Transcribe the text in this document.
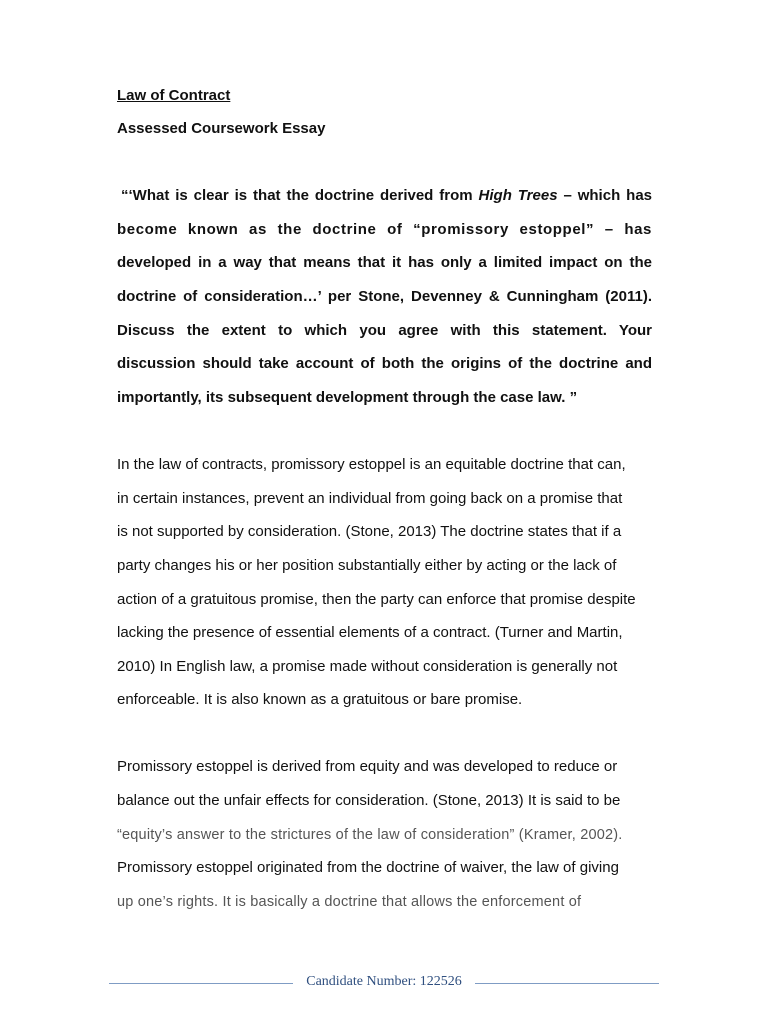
Law of Contract
Assessed Coursework Essay
“‘What is clear is that the doctrine derived from High Trees – which has
become known as the doctrine of “promissory estoppel” – has
developed in a way that means that it has only a limited impact on the
doctrine of consideration…’ per Stone, Devenney & Cunningham (2011).
Discuss the extent to which you agree with this statement. Your
discussion should take account of both the origins of the doctrine and
importantly, its subsequent development through the case law. ”
In the law of contracts, promissory estoppel is an equitable doctrine that can,
in certain instances, prevent an individual from going back on a promise that
is not supported by consideration. (Stone, 2013) The doctrine states that if a
party changes his or her position substantially either by acting or the lack of
action of a gratuitous promise, then the party can enforce that promise despite
lacking the presence of essential elements of a contract. (Turner and Martin,
2010) In English law, a promise made without consideration is generally not
enforceable. It is also known as a gratuitous or bare promise.
Promissory estoppel is derived from equity and was developed to reduce or
balance out the unfair effects for consideration. (Stone, 2013) It is said to be
“equity’s answer to the strictures of the law of consideration” (Kramer, 2002).
Promissory estoppel originated from the doctrine of waiver, the law of giving
up one’s rights. It is basically a doctrine that allows the enforcement of
Candidate Number: 122526
